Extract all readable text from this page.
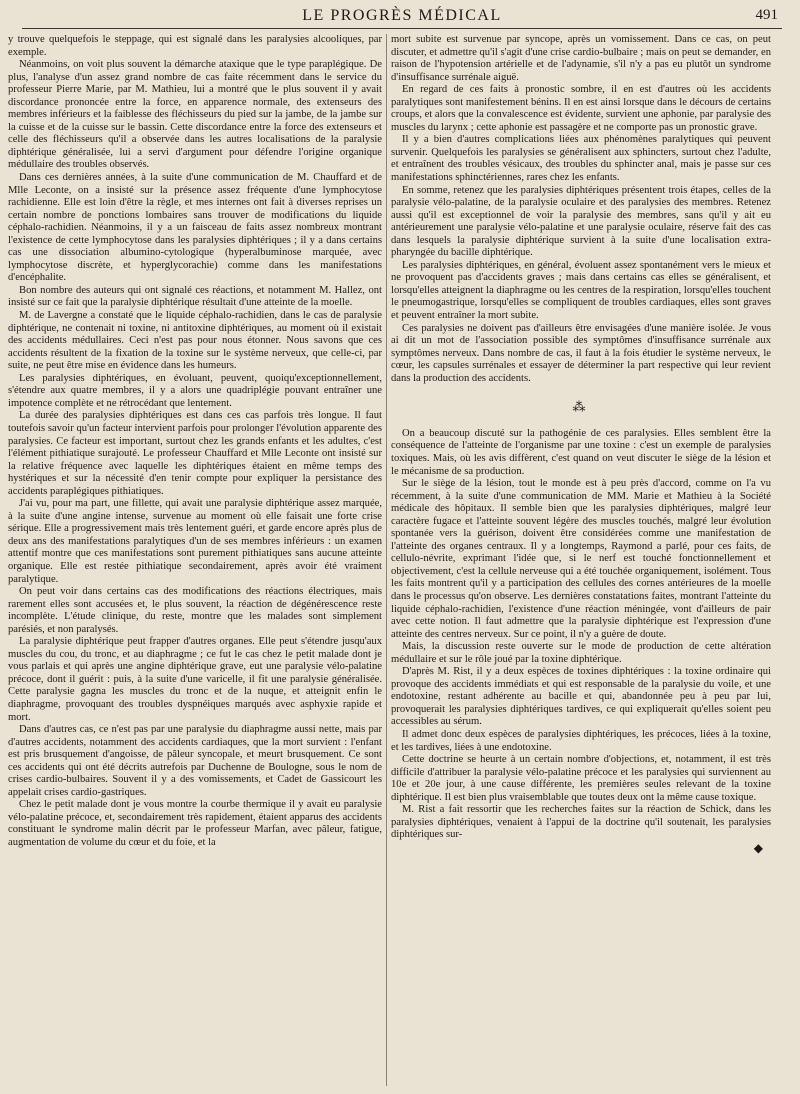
LE PROGRÈS MÉDICAL	491

y trouve quelquefois le steppage, qui est signalé dans les paralysies alcooliques, par exemple.

Néanmoins, on voit plus souvent la démarche ataxique que le type paraplégique. De plus, l'analyse d'un assez grand nombre de cas faite récemment dans le service du professeur Pierre Marie, par M. Mathieu, lui a montré que le plus souvent il y avait discordance prononcée entre la force, en apparence normale, des extenseurs des membres inférieurs et la faiblesse des fléchisseurs du pied sur la jambe, de la jambe sur la cuisse et de la cuisse sur le bassin. Cette discordance entre la force des extenseurs et celle des fléchisseurs qu'il a observée dans les autres localisations de la paralysie diphtérique généralisée, lui a servi d'argument pour défendre l'origine organique médullaire des troubles observés.

Dans ces dernières années, à la suite d'une communication de M. Chauffard et de Mlle Leconte, on a insisté sur la présence assez fréquente d'une lymphocytose rachidienne. Elle est loin d'être la règle, et mes internes ont fait à diverses reprises un certain nombre de ponctions lombaires sans trouver de modifications du liquide céphalo-rachidien. Néanmoins, il y a un faisceau de faits assez nombreux montrant l'existence de cette lymphocytose dans les paralysies diphtériques ; il y a dans certains cas une dissociation albumino-cytologique (hyperalbuminose marquée, avec lymphocytose discrète, et hyperglycorachie) comme dans les manifestations d'encéphalite.

Bon nombre des auteurs qui ont signalé ces réactions, et notamment M. Hallez, ont insisté sur ce fait que la paralysie diphtérique résultait d'une atteinte de la moelle.

M. de Lavergne a constaté que le liquide céphalo-rachidien, dans le cas de paralysie diphtérique, ne contenait ni toxine, ni antitoxine diphtériques, au moment où il existait des accidents médullaires. Ceci n'est pas pour nous étonner. Nous savons que ces accidents résultent de la fixation de la toxine sur le système nerveux, que celle-ci, par suite, ne peut être mise en évidence dans les humeurs.

Les paralysies diphtériques, en évoluant, peuvent, quoiqu'exceptionnellement, s'étendre aux quatre membres, il y a alors une quadriplégie pouvant entraîner une impotence complète et ne rétrocédant que lentement.

La durée des paralysies diphtériques est dans ces cas parfois très longue. Il faut toutefois savoir qu'un facteur intervient parfois pour prolonger l'évolution apparente des paralysies. Ce facteur est important, surtout chez les grands enfants et les adultes, c'est l'élément pithiatique surajouté. Le professeur Chauffard et Mlle Leconte ont insisté sur la relative fréquence avec laquelle les diphtériques étaient en même temps des hystériques et sur la nécessité d'en tenir compte pour expliquer la persistance des accidents paraplégiques pithiatiques.

J'ai vu, pour ma part, une fillette, qui avait une paralysie diphtérique assez marquée, à la suite d'une angine intense, survenue au moment où elle faisait une forte crise sérique. Elle a progressivement mais très lentement guéri, et garde encore après plus de deux ans des manifestations paralytiques d'un de ses membres inférieurs : un examen attentif montre que ces manifestations sont purement pithiatiques sans aucune atteinte organique. Elle est restée pithiatique secondairement, après avoir été vraiment paralytique.

On peut voir dans certains cas des modifications des réactions électriques, mais rarement elles sont accusées et, le plus souvent, la réaction de dégénérescence reste incomplète. L'étude clinique, du reste, montre que les malades sont simplement parésiés, et non paralysés.

La paralysie diphtérique peut frapper d'autres organes. Elle peut s'étendre jusqu'aux muscles du cou, du tronc, et au diaphragme ; ce fut le cas chez le petit malade dont je vous parlais et qui après une angine diphtérique grave, eut une paralysie vélo-palatine précoce, dont il guérit : puis, à la suite d'une varicelle, il fit une paralysie généralisée. Cette paralysie gagna les muscles du tronc et de la nuque, et atteignit enfin le diaphragme, provoquant des troubles dyspnéiques marqués avec asphyxie rapide et mort.

Dans d'autres cas, ce n'est pas par une paralysie du diaphragme aussi nette, mais par d'autres accidents, notamment des accidents cardiaques, que la mort survient : l'enfant est pris brusquement d'angoisse, de pâleur syncopale, et meurt brusquement. Ce sont ces accidents qui ont été décrits autrefois par Duchenne de Boulogne, sous le nom de crises cardio-bulbaires. Souvent il y a des vomissements, et Cadet de Gassicourt les appelait crises cardio-gastriques.

Chez le petit malade dont je vous montre la courbe thermique il y avait eu paralysie vélo-palatine précoce, et, secondairement très rapidement, étaient apparus des accidents constituant le syndrome malin décrit par le professeur Marfan, avec pâleur, fatigue, augmentation de volume du cœur et du foie, et la

mort subite est survenue par syncope, après un vomissement. Dans ce cas, on peut discuter, et admettre qu'il s'agit d'une crise cardio-bulbaire ; mais on peut se demander, en raison de l'hypotension artérielle et de l'adynamie, s'il n'y a pas eu plutôt un syndrome d'insuffisance surrénale aiguë.

En regard de ces faits à pronostic sombre, il en est d'autres où les accidents paralytiques sont manifestement bénins. Il en est ainsi lorsque dans le décours de certains croups, et alors que la convalescence est évidente, survient une aphonie, par paralysie des muscles du larynx ; cette aphonie est passagère et ne comporte pas un pronostic grave.

Il y a bien d'autres complications liées aux phénomènes paralytiques qui peuvent survenir. Quelquefois les paralysies se généralisent aux sphincters, surtout chez l'adulte, et entraînent des troubles vésicaux, des troubles du sphincter anal, mais je passe sur ces manifestations sphinctériennes, rares chez les enfants.

En somme, retenez que les paralysies diphtériques présentent trois étapes, celles de la paralysie vélo-palatine, de la paralysie oculaire et des paralysies des membres. Retenez aussi qu'il est exceptionnel de voir la paralysie des membres, sans qu'il y ait eu antérieurement une paralysie vélo-palatine et une paralysie oculaire, réserve fait des cas dans lesquels la paralysie diphtérique survient à la suite d'une localisation extra-pharyngée du bacille diphtérique.

Les paralysies diphtériques, en général, évoluent assez spontanément vers le mieux et ne provoquent pas d'accidents graves ; mais dans certains cas elles se généralisent, et lorsqu'elles atteignent la diaphragme ou les centres de la respiration, lorsqu'elles touchent le pneumogastrique, lorsqu'elles se compliquent de troubles cardiaques, elles sont graves et peuvent entraîner la mort subite.

Ces paralysies ne doivent pas d'ailleurs être envisagées d'une manière isolée. Je vous ai dit un mot de l'association possible des symptômes d'insuffisance surrénale aux symptômes nerveux. Dans nombre de cas, il faut à la fois étudier le système nerveux, le cœur, les capsules surrénales et essayer de déterminer la part respective qui leur revient dans la production des accidents.

⁂

On a beaucoup discuté sur la pathogénie de ces paralysies. Elles semblent être la conséquence de l'atteinte de l'organisme par une toxine : c'est un exemple de paralysies toxiques. Mais, où les avis diffèrent, c'est quand on veut discuter le siège de la lésion et le mécanisme de sa production.

Sur le siège de la lésion, tout le monde est à peu près d'accord, comme on l'a vu récemment, à la suite d'une communication de MM. Marie et Mathieu à la Société médicale des hôpitaux. Il semble bien que les paralysies diphtériques, malgré leur caractère fugace et l'atteinte souvent légère des muscles touchés, malgré leur évolution spontanée vers la guérison, doivent être considérées comme une manifestation de l'atteinte des organes centraux. Il y a longtemps, Raymond a parlé, pour ces faits, de cellulo-névrite, exprimant l'idée que, si le nerf est touché fonctionnellement et objectivement, c'est la cellule nerveuse qui a été touchée organiquement, isolément. Tous les faits montrent qu'il y a participation des cellules des cornes antérieures de la moelle dans le processus qu'on observe. Les dernières constatations faites, montrant l'atteinte du liquide céphalo-rachidien, l'existence d'une réaction méningée, vont d'ailleurs de pair avec cette notion. Il faut admettre que la paralysie diphtérique est l'expression d'une atteinte des centres nerveux. Sur ce point, il n'y a guère de doute.

Mais, la discussion reste ouverte sur le mode de production de cette altération médullaire et sur le rôle joué par la toxine diphtérique.

D'après M. Rist, il y a deux espèces de toxines diphtériques : la toxine ordinaire qui provoque des accidents immédiats et qui est responsable de la paralysie du voile, et une endotoxine, restant adhérente au bacille et qui, abandonnée peu à peu par lui, provoquerait les paralysies diphtériques tardives, ce qui expliquerait qu'elles soient peu accessibles au sérum.

Il admet donc deux espèces de paralysies diphtériques, les précoces, liées à la toxine, et les tardives, liées à une endotoxine.

Cette doctrine se heurte à un certain nombre d'objections, et, notamment, il est très difficile d'attribuer la paralysie vélo-palatine précoce et les paralysies qui surviennent au 10e et 20e jour, à une cause différente, les premières seules relevant de la toxine diphtérique. Il est bien plus vraisemblable que toutes deux ont la même cause toxique.

M. Rist a fait ressortir que les recherches faites sur la réaction de Schick, dans les paralysies diphtériques, venaient à l'appui de la doctrine qu'il soutenait, les paralysies diphtériques sur-

◆
